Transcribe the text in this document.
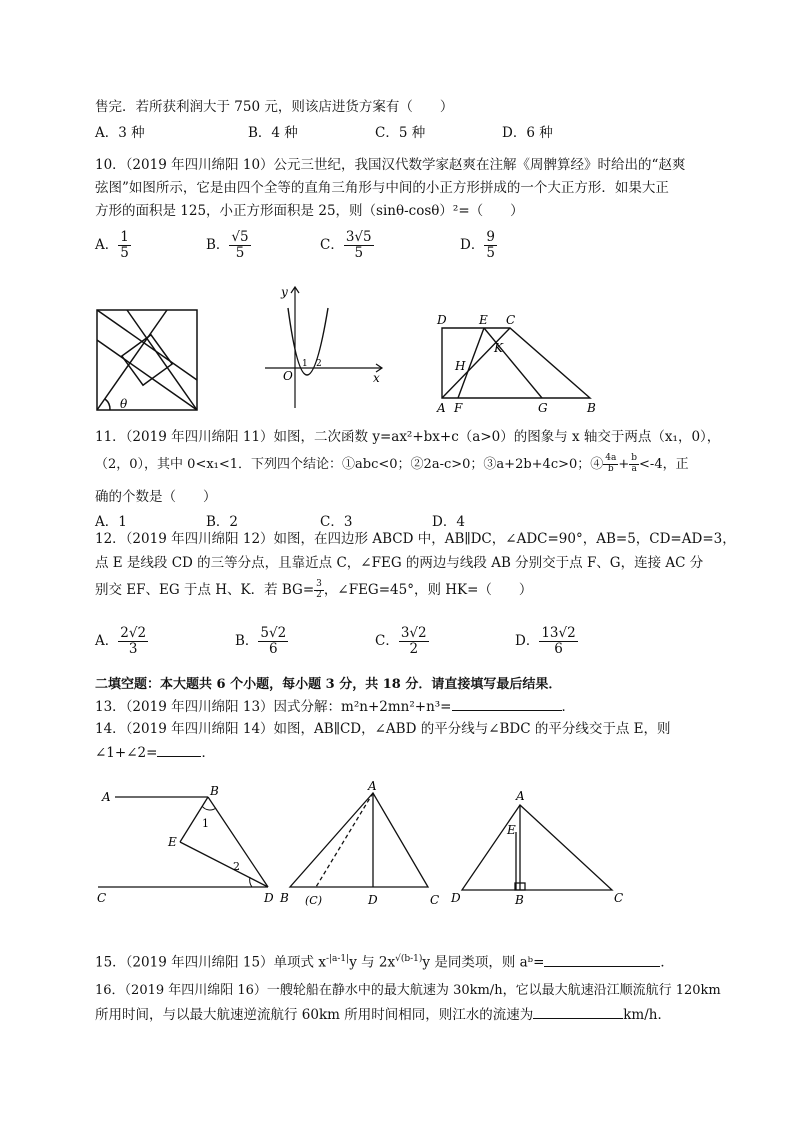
售完．若所获利润大于 750 元，则该店进货方案有（　　）
A．3 种	B．4 种	C．5 种	D．6 种
10．（2019 年四川绵阳 10）公元三世纪，我国汉代数学家赵爽在注解《周髀算经》时给出的“赵爽
弦图”如图所示，它是由四个全等的直角三角形与中间的小正方形拼成的一个大正方形．如果大正
方形的面积是 125，小正方形面积是 25，则（sinθ-cosθ）²=（　　）
A． $\frac{1}{5}$	B． $\frac{√5}{5}$	C． $\frac{3√5}{5}$	D． $\frac{9}{5}$
θ
y
x
O
1 2
D	E C
H
K
A F	G	B
11．（2019 年四川绵阳 11）如图，二次函数 y=ax²+bx+c（a>0）的图象与 x 轴交于两点（x₁，0），
（2，0），其中 0<x₁<1．下列四个结论：①abc<0；②2a-c>0；③a+2b+4c>0；④ $\frac{4a}{b} + \frac{b}{a} <-4$，正
确的个数是（　　）
A．1	B．2	C．3	D．4
12．（2019 年四川绵阳 12）如图，在四边形 ABCD 中，AB∥DC，∠ADC=90°，AB=5，CD=AD=3，
点 E 是线段 CD 的三等分点，且靠近点 C，∠FEG 的两边与线段 AB 分别交于点 F、G，连接 AC 分
别交 EF、EG 于点 H、K．若 $BG= \frac{3}{2}$ ，∠FEG=45°，则 HK=（　　）
A． $\frac{2√2}{3}$	B． $\frac{5√2}{6}$	C． $\frac{3√2}{2}$	D． $\frac{13√2}{6}$
二填空题：本大题共 6 个小题，每小题 3 分，共 18 分．请直接填写最后结果．
13．（2019 年四川绵阳 13）因式分解：m²n+2mn²+n³=	．
14．（2019 年四川绵阳 14）如图，AB∥CD，∠ABD 的平分线与∠BDC 的平分线交于点 E，则
∠1+∠2=	．
A	B
E
C	D
1
2
A
B (C)	D	C
A
E
D	B	C
15．（2019 年四川绵阳 15）单项式 $x^{-|a-1|}y$ 与 $2x^{√(b-1)}y$ 是同类项，则 aᵇ=	．
16．（2019 年四川绵阳 16）一艘轮船在静水中的最大航速为 30km/h，它以最大航速沿江顺流航行 120km
所用时间，与以最大航速逆流航行 60km 所用时间相同，则江水的流速为	km/h．
